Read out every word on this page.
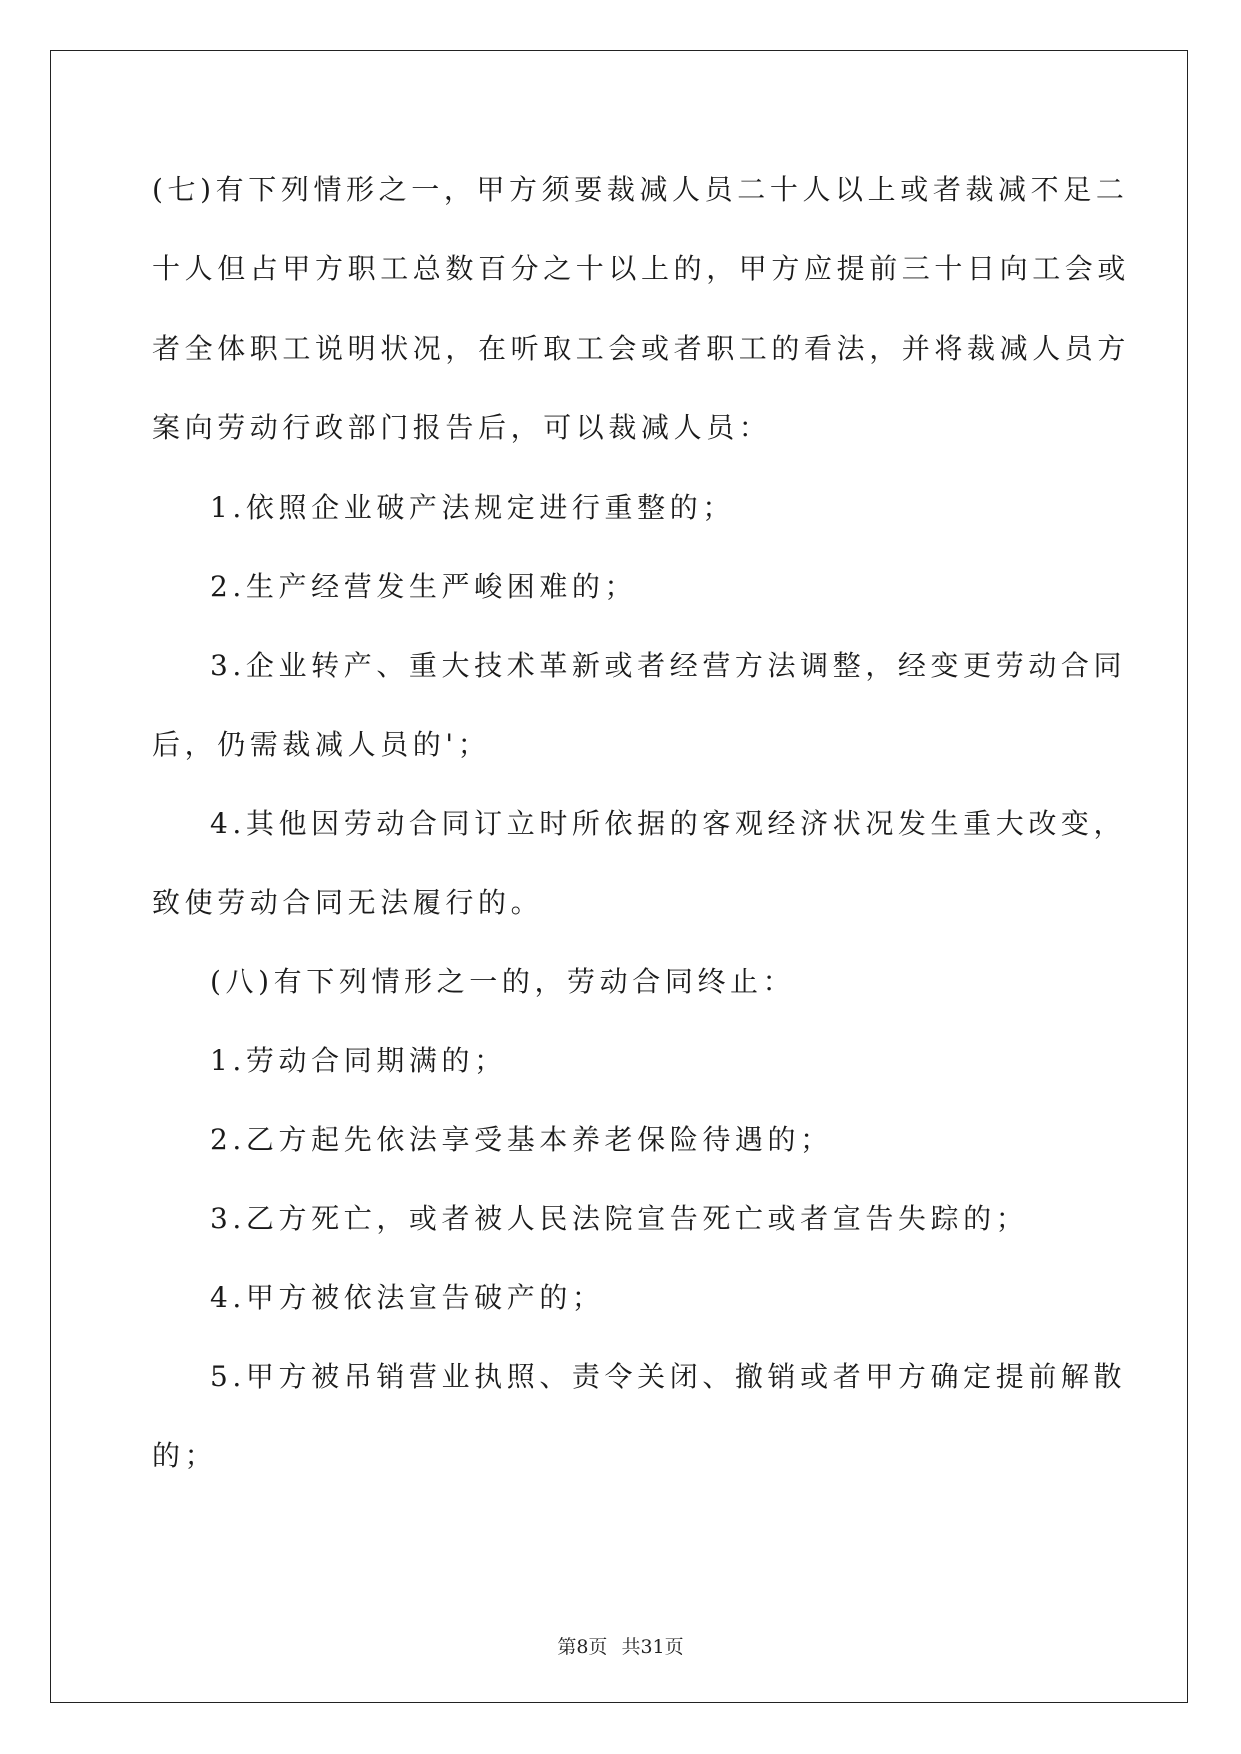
(七)有下列情形之一，甲方须要裁减人员二十人以上或者裁减不足二
十人但占甲方职工总数百分之十以上的，甲方应提前三十日向工会或
者全体职工说明状况，在听取工会或者职工的看法，并将裁减人员方
案向劳动行政部门报告后，可以裁减人员：
1.依照企业破产法规定进行重整的；
2.生产经营发生严峻困难的；
3.企业转产、重大技术革新或者经营方法调整，经变更劳动合同
后，仍需裁减人员的'；
4.其他因劳动合同订立时所依据的客观经济状况发生重大改变，
致使劳动合同无法履行的。
(八)有下列情形之一的，劳动合同终止：
1.劳动合同期满的；
2.乙方起先依法享受基本养老保险待遇的；
3.乙方死亡，或者被人民法院宣告死亡或者宣告失踪的；
4.甲方被依法宣告破产的；
5.甲方被吊销营业执照、责令关闭、撤销或者甲方确定提前解散
的；
第8页 共31页
